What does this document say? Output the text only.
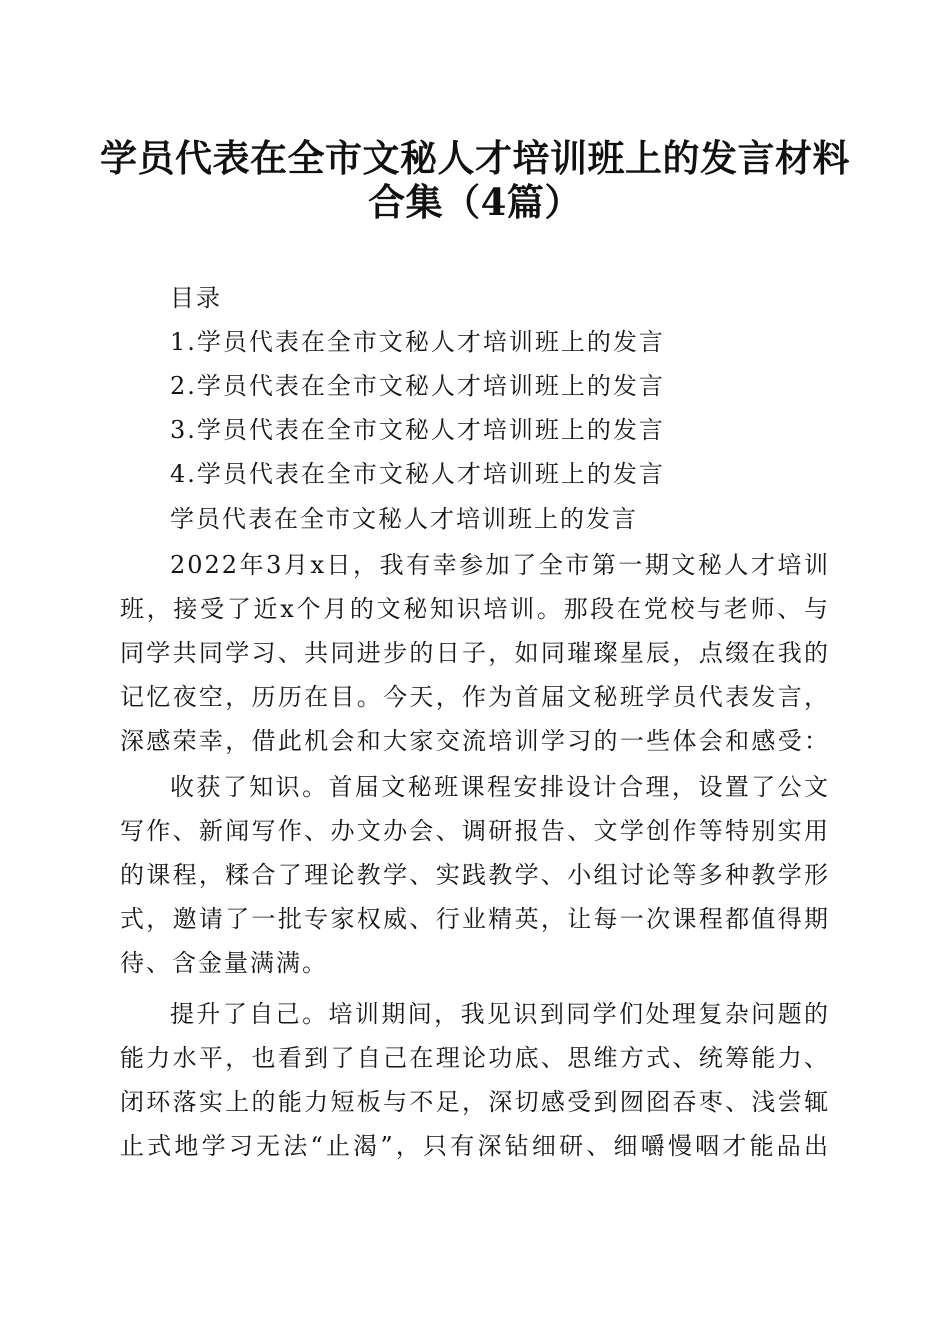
学员代表在全市文秘人才培训班上的发言材料
合集（4篇）
目录
1.学员代表在全市文秘人才培训班上的发言
2.学员代表在全市文秘人才培训班上的发言
3.学员代表在全市文秘人才培训班上的发言
4.学员代表在全市文秘人才培训班上的发言
学员代表在全市文秘人才培训班上的发言
2022年3月x日，我有幸参加了全市第一期文秘人才培训
班，接受了近x个月的文秘知识培训。那段在党校与老师、与
同学共同学习、共同进步的日子，如同璀璨星辰，点缀在我的
记忆夜空，历历在目。今天，作为首届文秘班学员代表发言，
深感荣幸，借此机会和大家交流培训学习的一些体会和感受：
收获了知识。首届文秘班课程安排设计合理，设置了公文
写作、新闻写作、办文办会、调研报告、文学创作等特别实用
的课程，糅合了理论教学、实践教学、小组讨论等多种教学形
式，邀请了一批专家权威、行业精英，让每一次课程都值得期
待、含金量满满。
提升了自己。培训期间，我见识到同学们处理复杂问题的
能力水平，也看到了自己在理论功底、思维方式、统筹能力、
闭环落实上的能力短板与不足，深切感受到囫囵吞枣、浅尝辄
止式地学习无法“止渴”，只有深钻细研、细嚼慢咽才能品出
